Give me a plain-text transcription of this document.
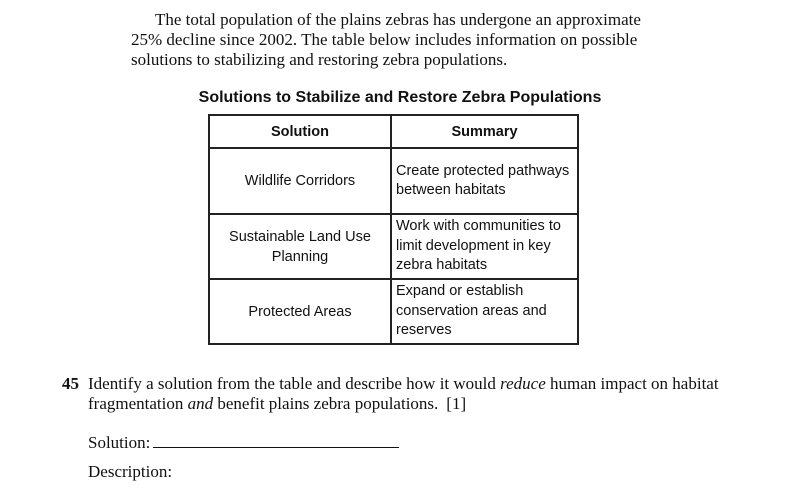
The total population of the plains zebras has undergone an approximate 25% decline since 2002. The table below includes information on possible solutions to stabilizing and restoring zebra populations.

Solutions to Stabilize and Restore Zebra Populations
Solution	Summary
Wildlife Corridors	Create protected pathways between habitats
Sustainable Land Use Planning	Work with communities to limit development in key zebra habitats
Protected Areas	Expand or establish conservation areas and reserves
45 Identify a solution from the table and describe how it would reduce human impact on habitat fragmentation and benefit plains zebra populations. [1]
Solution:
Description:
